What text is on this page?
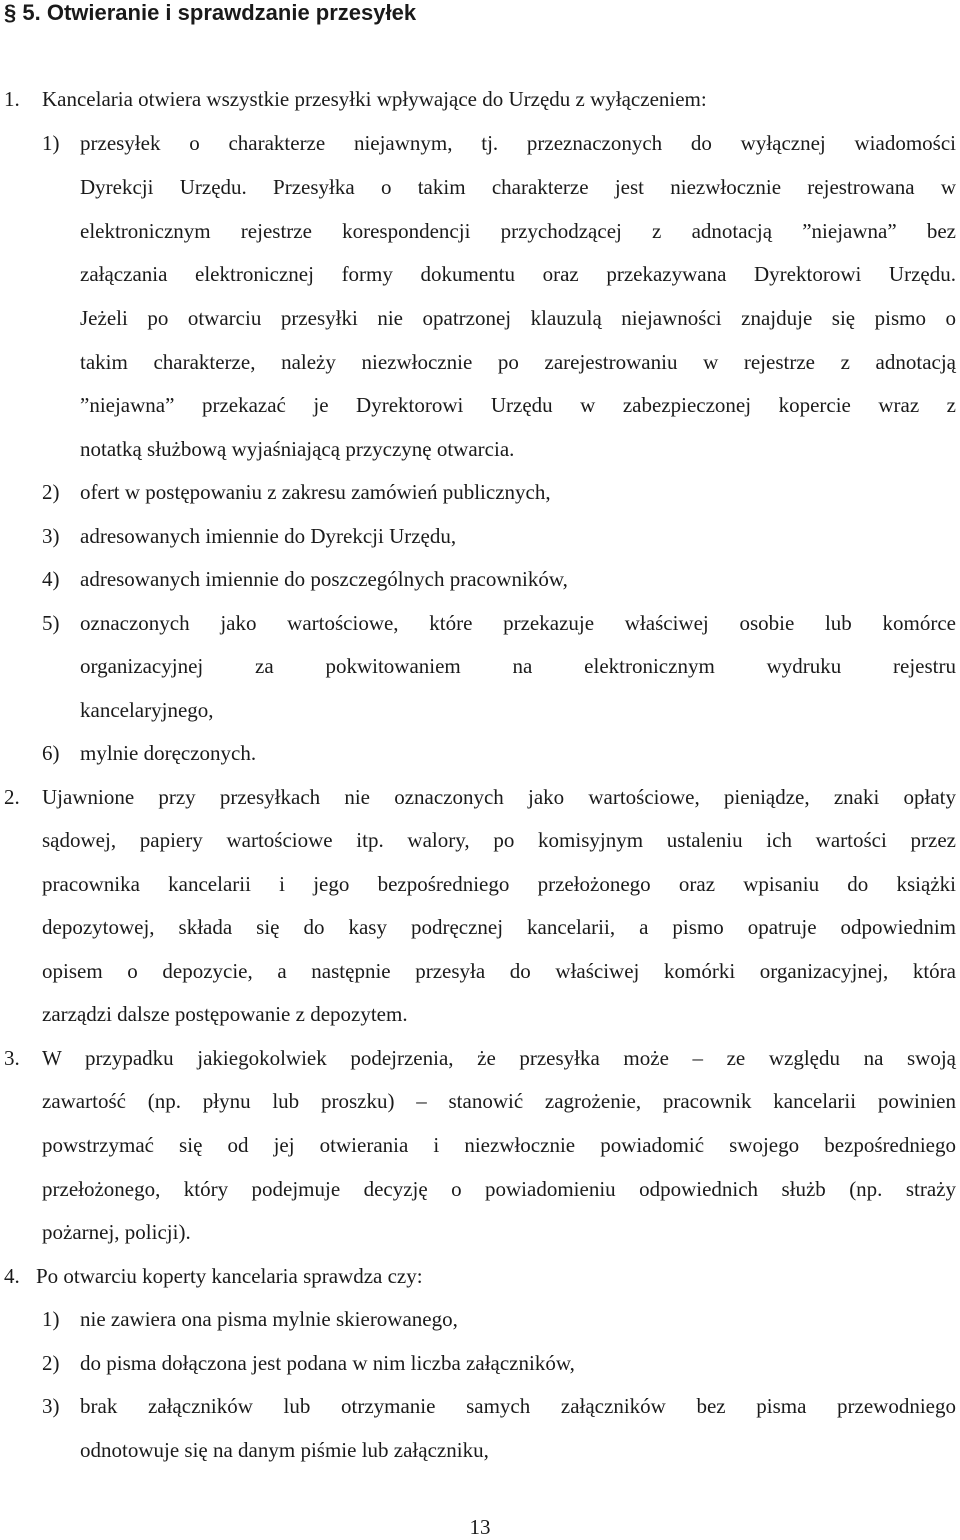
§ 5. Otwieranie i sprawdzanie przesyłek
1. Kancelaria otwiera wszystkie przesyłki wpływające do Urzędu z wyłączeniem:
1) przesyłek o charakterze niejawnym, tj. przeznaczonych do wyłącznej wiadomości
Dyrekcji Urzędu. Przesyłka o takim charakterze jest niezwłocznie rejestrowana w
elektronicznym rejestrze korespondencji przychodzącej z adnotacją ”niejawna” bez
załączania elektronicznej formy dokumentu oraz przekazywana Dyrektorowi Urzędu.
Jeżeli po otwarciu przesyłki nie opatrzonej klauzulą niejawności znajduje się pismo o
takim charakterze, należy niezwłocznie po zarejestrowaniu w rejestrze z adnotacją
”niejawna” przekazać je Dyrektorowi Urzędu w zabezpieczonej kopercie wraz z
notatką służbową wyjaśniającą przyczynę otwarcia.
2) ofert w postępowaniu z zakresu zamówień publicznych,
3) adresowanych imiennie do Dyrekcji Urzędu,
4) adresowanych imiennie do poszczególnych pracowników,
5) oznaczonych jako wartościowe, które przekazuje właściwej osobie lub komórce
organizacyjnej za pokwitowaniem na elektronicznym wydruku rejestru
kancelaryjnego,
6) mylnie doręczonych.
2. Ujawnione przy przesyłkach nie oznaczonych jako wartościowe, pieniądze, znaki opłaty
sądowej, papiery wartościowe itp. walory, po komisyjnym ustaleniu ich wartości przez
pracownika kancelarii i jego bezpośredniego przełożonego oraz wpisaniu do książki
depozytowej, składa się do kasy podręcznej kancelarii, a pismo opatruje odpowiednim
opisem o depozycie, a następnie przesyła do właściwej komórki organizacyjnej, która
zarządzi dalsze postępowanie z depozytem.
3. W przypadku jakiegokolwiek podejrzenia, że przesyłka może – ze względu na swoją
zawartość (np. płynu lub proszku) – stanowić zagrożenie, pracownik kancelarii powinien
powstrzymać się od jej otwierania i niezwłocznie powiadomić swojego bezpośredniego
przełożonego, który podejmuje decyzję o powiadomieniu odpowiednich służb (np. straży
pożarnej, policji).
4. Po otwarciu koperty kancelaria sprawdza czy:
1) nie zawiera ona pisma mylnie skierowanego,
2) do pisma dołączona jest podana w nim liczba załączników,
3) brak załączników lub otrzymanie samych załączników bez pisma przewodniego
odnotowuje się na danym piśmie lub załączniku,
13
